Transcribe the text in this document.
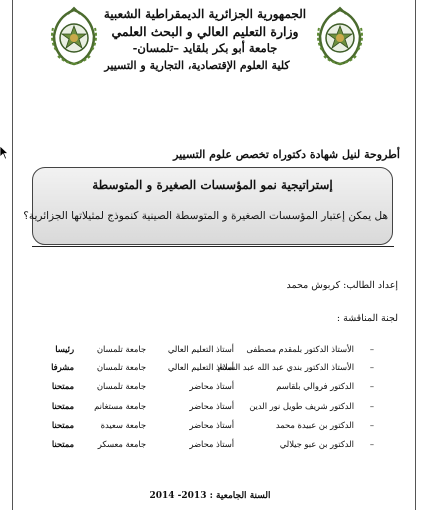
الجمهورية الجزائرية الديمقراطية الشعبية
وزارة التعليم العالي و البحث العلمي
جامعة أبو بكر بلقايد –تلمسان-
كلية العلوم الإقتصادية، التجارية و التسيير
أطروحة لنيل شهادة دكتوراه تخصص علوم التسيير
إستراتيجية نمو المؤسسات الصغيرة و المتوسطة
هل يمكن إعتبار المؤسسات الصغيرة و المتوسطة الصينية كنموذج لمثيلاتها الجزائرية؟
إعداد الطالب: كربوش محمد
لجنة المناقشة :
–
الأستاذ الدكتور بلمقدم مصطفى
أستاذ التعليم العالي
جامعة تلمسان
رئيسا
–
الأستاذ الدكتور بندي عبد الله عبد السلام
أستاذ التعليم العالي
جامعة تلمسان
مشرفا
–
الدكتور فروالي بلقاسم
أستاذ محاضر
جامعة تلمسان
ممتحنا
–
الدكتور شريف طويل نور الدين
أستاذ محاضر
جامعة مستغانم
ممتحنا
–
الدكتور بن عبيدة محمد
أستاذ محاضر
جامعة سعيدة
ممتحنا
–
الدكتور بن عبو جيلالي
أستاذ محاضر
جامعة معسكر
ممتحنا
السنة الجامعية : 2013- 2014
